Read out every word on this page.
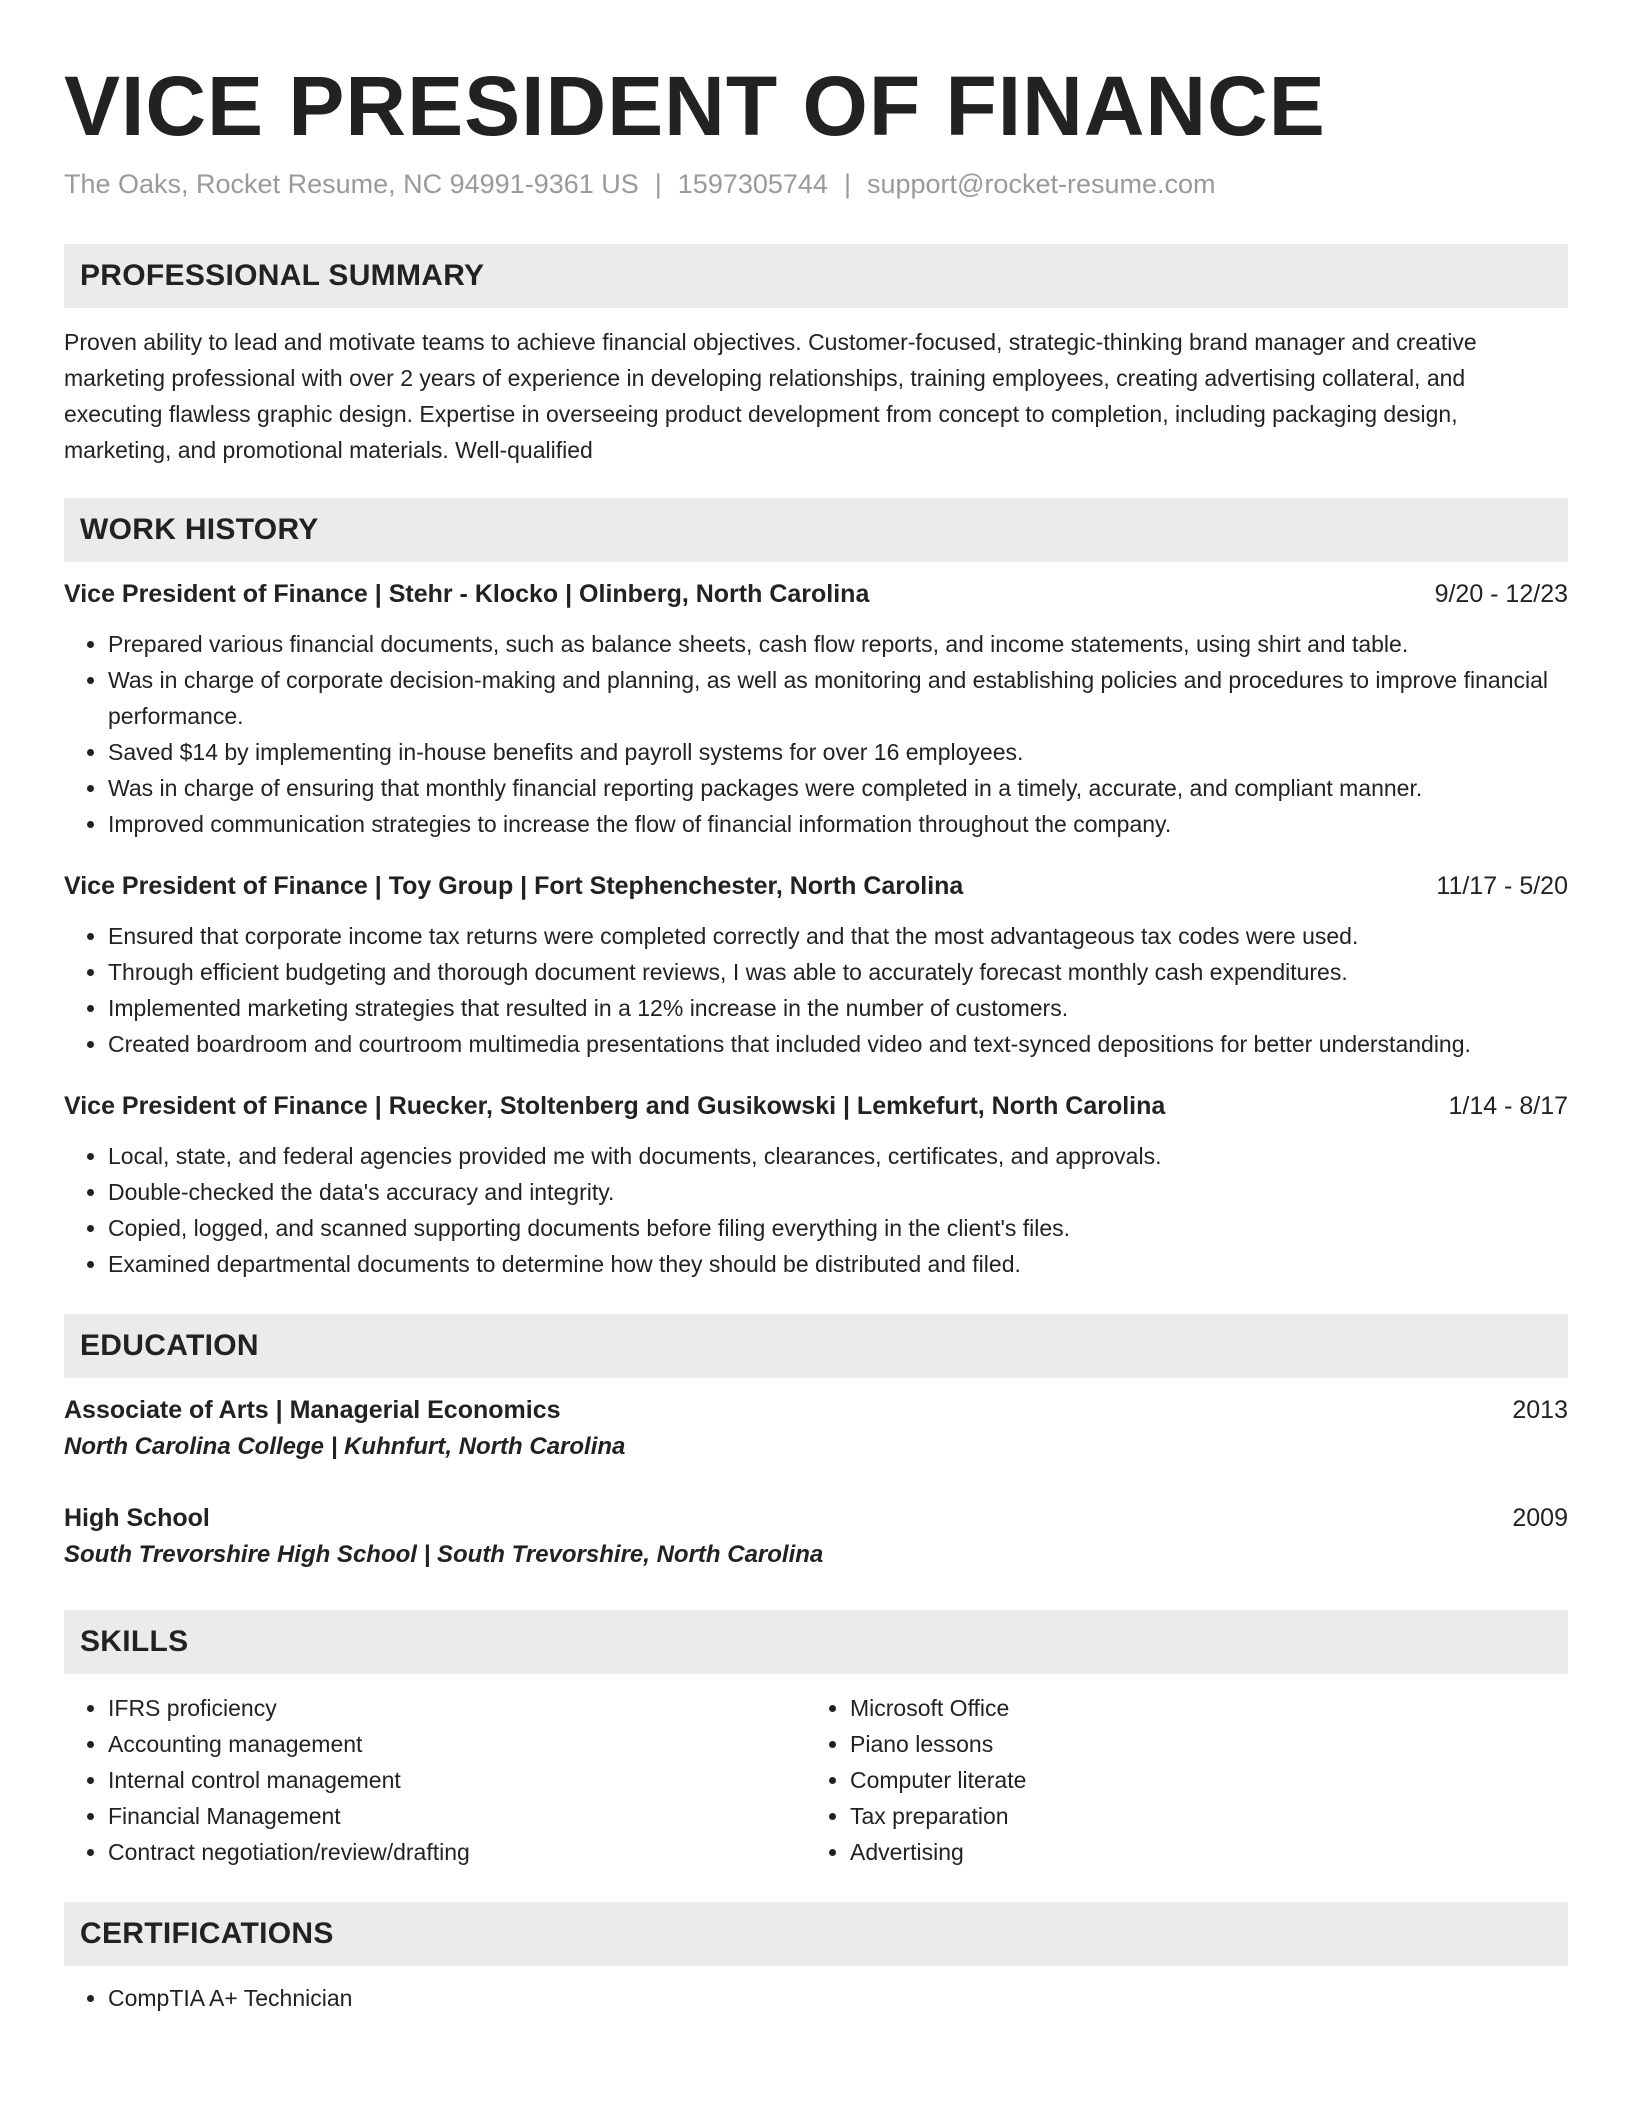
VICE PRESIDENT OF FINANCE
The Oaks, Rocket Resume, NC 94991-9361 US | 1597305744 | support@rocket-resume.com
PROFESSIONAL SUMMARY

Proven ability to lead and motivate teams to achieve financial objectives. Customer-focused, strategic-thinking brand manager and creative marketing professional with over 2 years of experience in developing relationships, training employees, creating advertising collateral, and executing flawless graphic design. Expertise in overseeing product development from concept to completion, including packaging design, marketing, and promotional materials. Well-qualified

WORK HISTORY
Vice President of Finance | Stehr - Klocko | Olinberg, North Carolina	9/20 - 12/23
• Prepared various financial documents, such as balance sheets, cash flow reports, and income statements, using shirt and table.
• Was in charge of corporate decision-making and planning, as well as monitoring and establishing policies and procedures to improve financial performance.
• Saved $14 by implementing in-house benefits and payroll systems for over 16 employees.
• Was in charge of ensuring that monthly financial reporting packages were completed in a timely, accurate, and compliant manner.
• Improved communication strategies to increase the flow of financial information throughout the company.
Vice President of Finance | Toy Group | Fort Stephenchester, North Carolina	11/17 - 5/20
• Ensured that corporate income tax returns were completed correctly and that the most advantageous tax codes were used.
• Through efficient budgeting and thorough document reviews, I was able to accurately forecast monthly cash expenditures.
• Implemented marketing strategies that resulted in a 12% increase in the number of customers.
• Created boardroom and courtroom multimedia presentations that included video and text-synced depositions for better understanding.
Vice President of Finance | Ruecker, Stoltenberg and Gusikowski | Lemkefurt, North Carolina	1/14 - 8/17
• Local, state, and federal agencies provided me with documents, clearances, certificates, and approvals.
• Double-checked the data's accuracy and integrity.
• Copied, logged, and scanned supporting documents before filing everything in the client's files.
• Examined departmental documents to determine how they should be distributed and filed.
EDUCATION
Associate of Arts | Managerial Economics	2013
North Carolina College | Kuhnfurt, North Carolina
High School	2009
South Trevorshire High School | South Trevorshire, North Carolina
SKILLS
• IFRS proficiency
• Accounting management
• Internal control management
• Financial Management
• Contract negotiation/review/drafting
• Microsoft Office
• Piano lessons
• Computer literate
• Tax preparation
• Advertising
CERTIFICATIONS
• CompTIA A+ Technician
